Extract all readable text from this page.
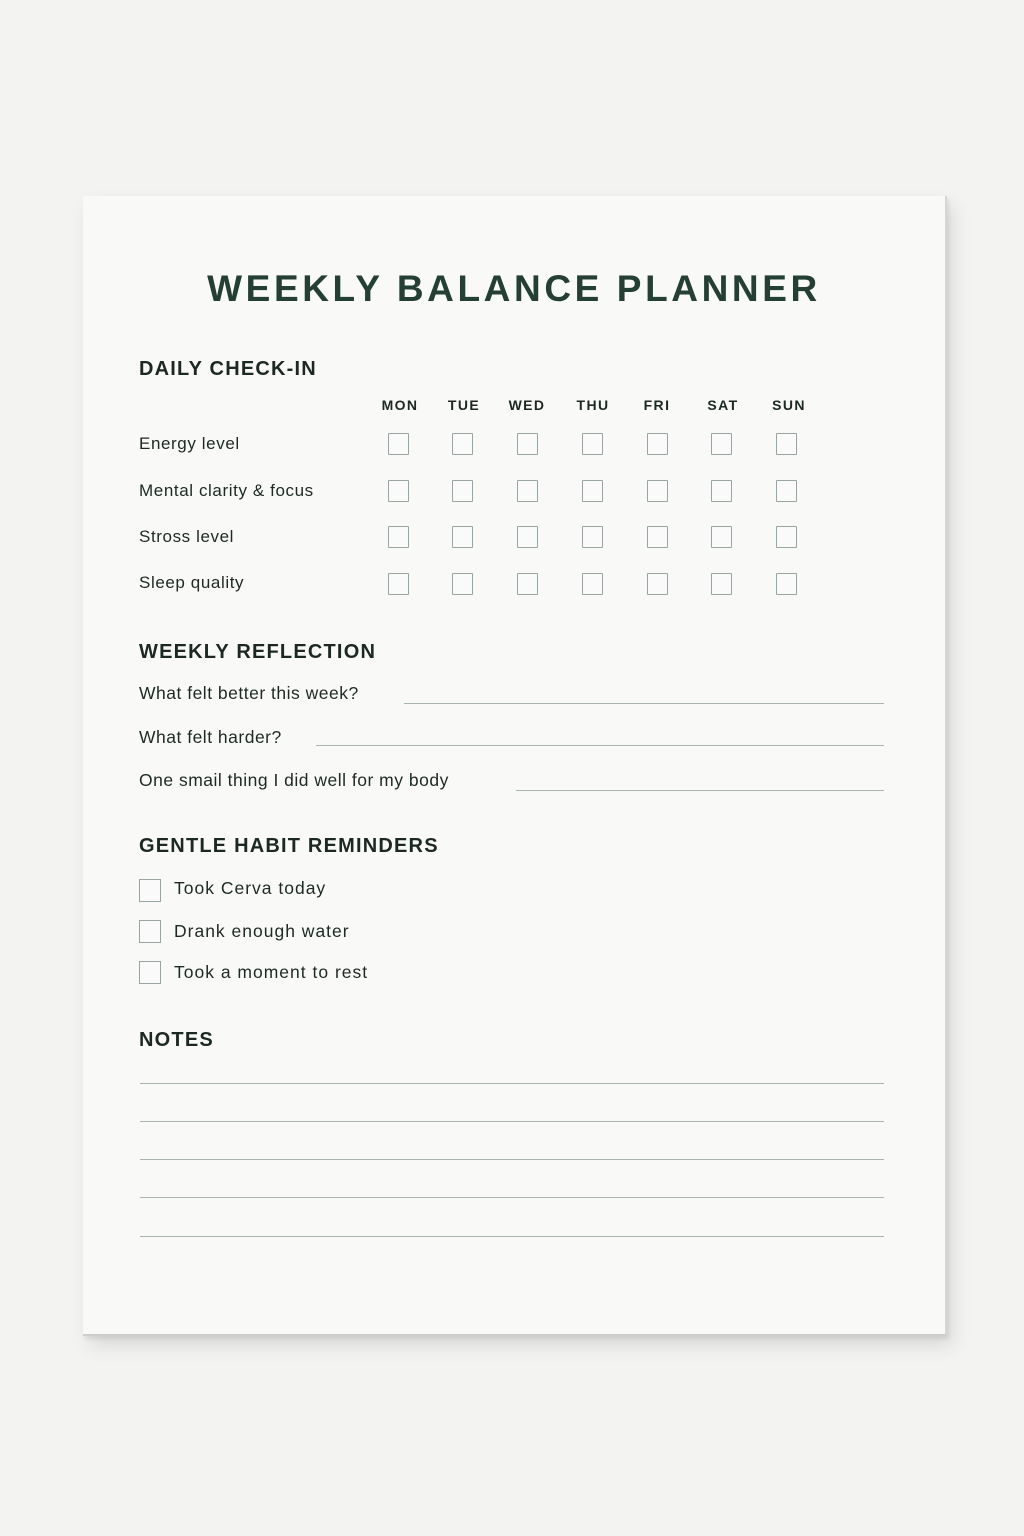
WEEKLY BALANCE PLANNER
DAILY CHECK-IN
MON	TUE	WED	THU	FRI	SAT	SUN
Energy level
Mental clarity & focus
Stross level
Sleep quality
WEEKLY REFLECTION
What felt better this week?
What felt harder?
One smail thing I did well for my body
GENTLE HABIT REMINDERS
Took Cerva today
Drank enough water
Took a moment to rest
NOTES
